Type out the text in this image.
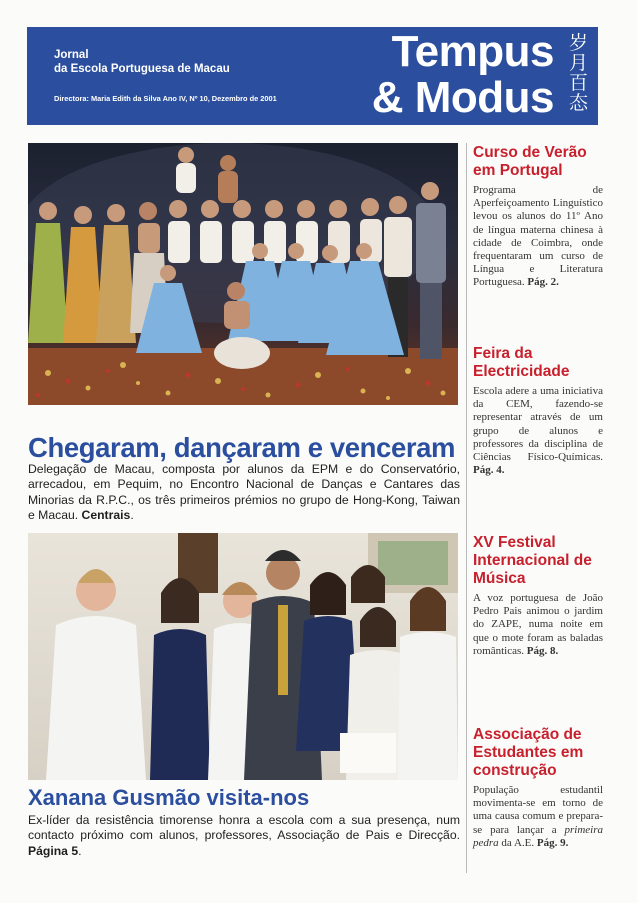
Jornal
da Escola Portuguesa de Macau
Directora: Maria Edith da Silva Ano IV, Nº 10, Dezembro de 2001
Tempus
& Modus
岁月
百态
Chegaram, dançaram e venceram
Delegação de Macau, composta por alunos da EPM e do Conservatório, arrecadou, em Pequim, no Encontro Nacional de Danças e Cantares das Minorias da R.P.C., os três primeiros prémios no grupo de Hong-Kong, Taiwan e Macau. Centrais.
Xanana Gusmão visita-nos
Ex-líder da resistência timorense honra a escola com a sua presença, num contacto próximo com alunos, professores, Associação de Pais e Direcção. Página 5.
Curso de Verão em Portugal

Programa de Aperfeiçoamento Linguístico levou os alunos do 11º Ano de língua materna chinesa à cidade de Coimbra, onde frequentaram um curso de Língua e Literatura Portuguesa. Pág. 2.

Feira da Electricidade

Escola adere a uma iniciativa da CEM, fazendo-se representar através de um grupo de alunos e professores da disciplina de Ciências Físico-Químicas. Pág. 4.

XV Festival Internacional de Música

A voz portuguesa de João Pedro Pais animou o jardim do ZAPE, numa noite em que o mote foram as baladas românticas. Pág. 8.

Associação de Estudantes em construção

População estudantil movimenta-se em torno de uma causa comum e prepara-se para lançar a primeira pedra da A.E. Pág. 9.
